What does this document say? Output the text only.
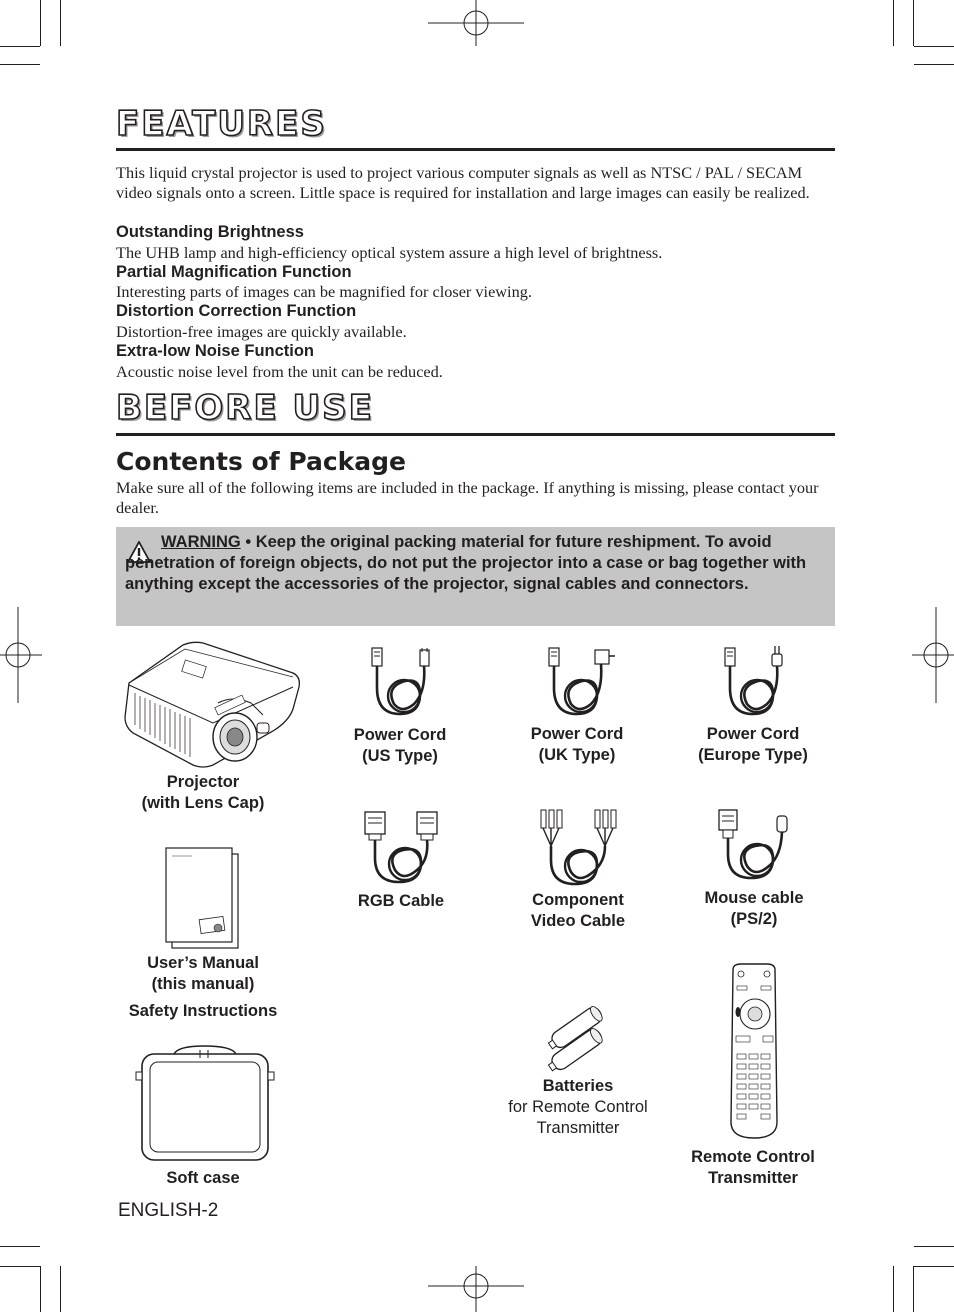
FEATURES
This liquid crystal projector is used to project various computer signals as well as NTSC / PAL / SECAM video signals onto a screen. Little space is required for installation and large images can easily be realized.
Outstanding Brightness
The UHB lamp and high-efficiency optical system assure a high level of brightness.
Partial Magnification Function
Interesting parts of images can be magnified for closer viewing.
Distortion Correction Function
Distortion-free images are quickly available.
Extra-low Noise Function
Acoustic noise level from the unit can be reduced.
BEFORE USE
Contents of Package
Make sure all of the following items are included in the package. If anything is missing, please contact your dealer.
WARNING • Keep the original packing material for future reshipment. To avoid penetration of foreign objects, do not put the projector into a case or bag together with anything except the accessories of the projector, signal cables and connectors.
Projector
(with Lens Cap)
Power Cord
(US Type)
Power Cord
(UK Type)
Power Cord
(Europe Type)
RGB Cable	Component
Video Cable
Mouse cable
(PS/2)
User’s Manual
(this manual)
Safety Instructions
Batteries
for Remote Control
Transmitter
Soft case
Remote Control
Transmitter
ENGLISH-2
